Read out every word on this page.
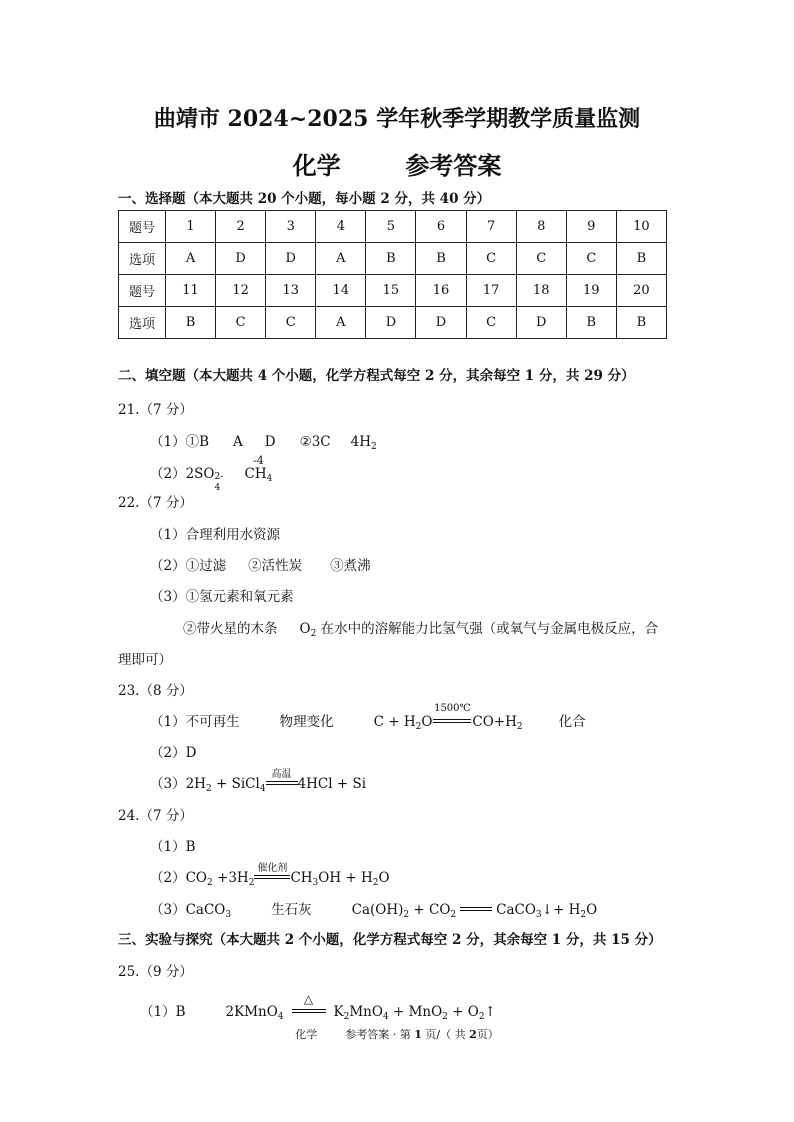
曲靖市 2024~2025 学年秋季学期教学质量监测
化学	参考答案
一、选择题（本大题共 20 个小题，每小题 2 分，共 40 分）
题号	1	2	3	4	5	6	7	8	9	10
选项	A	D	D	A	B	B	C	C	C	B
题号	11	12	13	14	15	16	17	18	19	20
选项	B	C	C	A	D	D	C	D	B	B
二、填空题（本大题共 4 个小题，化学方程式每空 2 分，其余每空 1 分，共 29 分）
21.（7 分）
（1）①B A D ②3C $4H_2$
（2）2SO 2-
4
-4
$CH_4$
22.（7 分）
（1）合理利用水资源
（2）①过滤 ②活性炭 ③煮沸
（3）①氢元素和氧元素
②带火星的木条 $O_2$ 在水中的溶解能力比氢气强（或氧气与金属电极反应，合
理即可）
23.（8 分）
（1）不可再生	物理变化	$C + H_2O$
1500℃
$CO+H_2$	化合
（2）D
$(3)2H_2$ + SiCl$_4$
高温
4HCl + Si
24.（7 分）
（1）B
$(2)CO_2 +3H_2$
催化剂
$CH_3OH + H_2O$
（3）CaCO$_3$	生石灰	$Ca(OH)_2 + CO_2$	CaCO$_3$↓+ $H_2O$
三、实验与探究（本大题共 2 个小题，化学方程式每空 2 分，其余每空 1 分，共 15 分）
25.（9 分）
（1）B	2KMnO$_4$
△
$K_2MnO_4 + MnO_2$ + $O_2↑$
化学	参考答案 · 第 1 页/（ 共 2页）
